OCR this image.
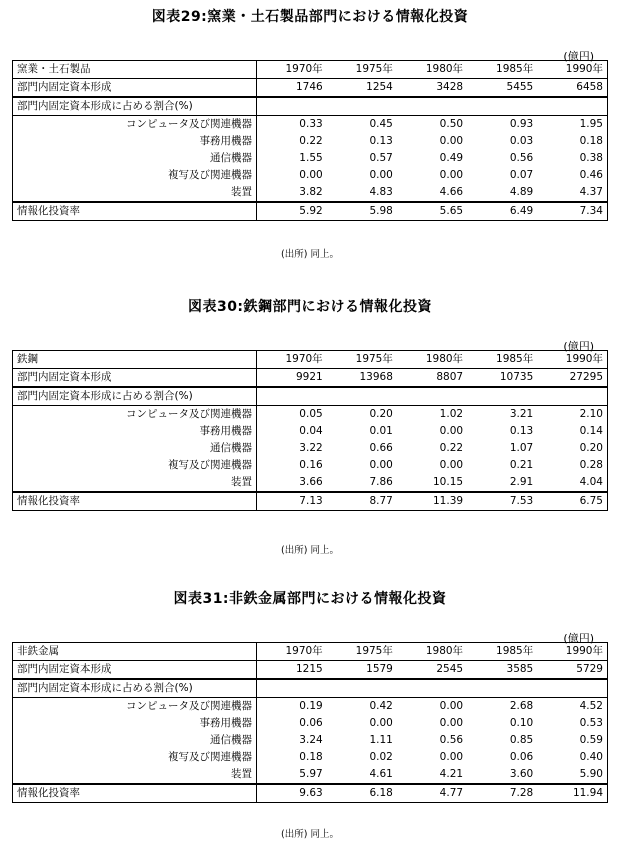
図表29:窯業・土石製品部門における情報化投資
(億円)
窯業・土石製品	1970年	1975年	1980年	1985年	1990年
部門内固定資本形成	1746	1254	3428	5455	6458
部門内固定資本形成に占める割合(%)					
コンピュータ及び関連機器	0.33	0.45	0.50	0.93	1.95
事務用機器	0.22	0.13	0.00	0.03	0.18
通信機器	1.55	0.57	0.49	0.56	0.38
複写及び関連機器	0.00	0.00	0.00	0.07	0.46
装置	3.82	4.83	4.66	4.89	4.37
情報化投資率	5.92	5.98	5.65	6.49	7.34
(出所) 同上。
図表30:鉄鋼部門における情報化投資
(億円)
鉄鋼	1970年	1975年	1980年	1985年	1990年
部門内固定資本形成	9921	13968	8807	10735	27295
部門内固定資本形成に占める割合(%)					
コンピュータ及び関連機器	0.05	0.20	1.02	3.21	2.10
事務用機器	0.04	0.01	0.00	0.13	0.14
通信機器	3.22	0.66	0.22	1.07	0.20
複写及び関連機器	0.16	0.00	0.00	0.21	0.28
装置	3.66	7.86	10.15	2.91	4.04
情報化投資率	7.13	8.77	11.39	7.53	6.75
(出所) 同上。
図表31:非鉄金属部門における情報化投資
(億円)
非鉄金属	1970年	1975年	1980年	1985年	1990年
部門内固定資本形成	1215	1579	2545	3585	5729
部門内固定資本形成に占める割合(%)					
コンピュータ及び関連機器	0.19	0.42	0.00	2.68	4.52
事務用機器	0.06	0.00	0.00	0.10	0.53
通信機器	3.24	1.11	0.56	0.85	0.59
複写及び関連機器	0.18	0.02	0.00	0.06	0.40
装置	5.97	4.61	4.21	3.60	5.90
情報化投資率	9.63	6.18	4.77	7.28	11.94
(出所) 同上。
